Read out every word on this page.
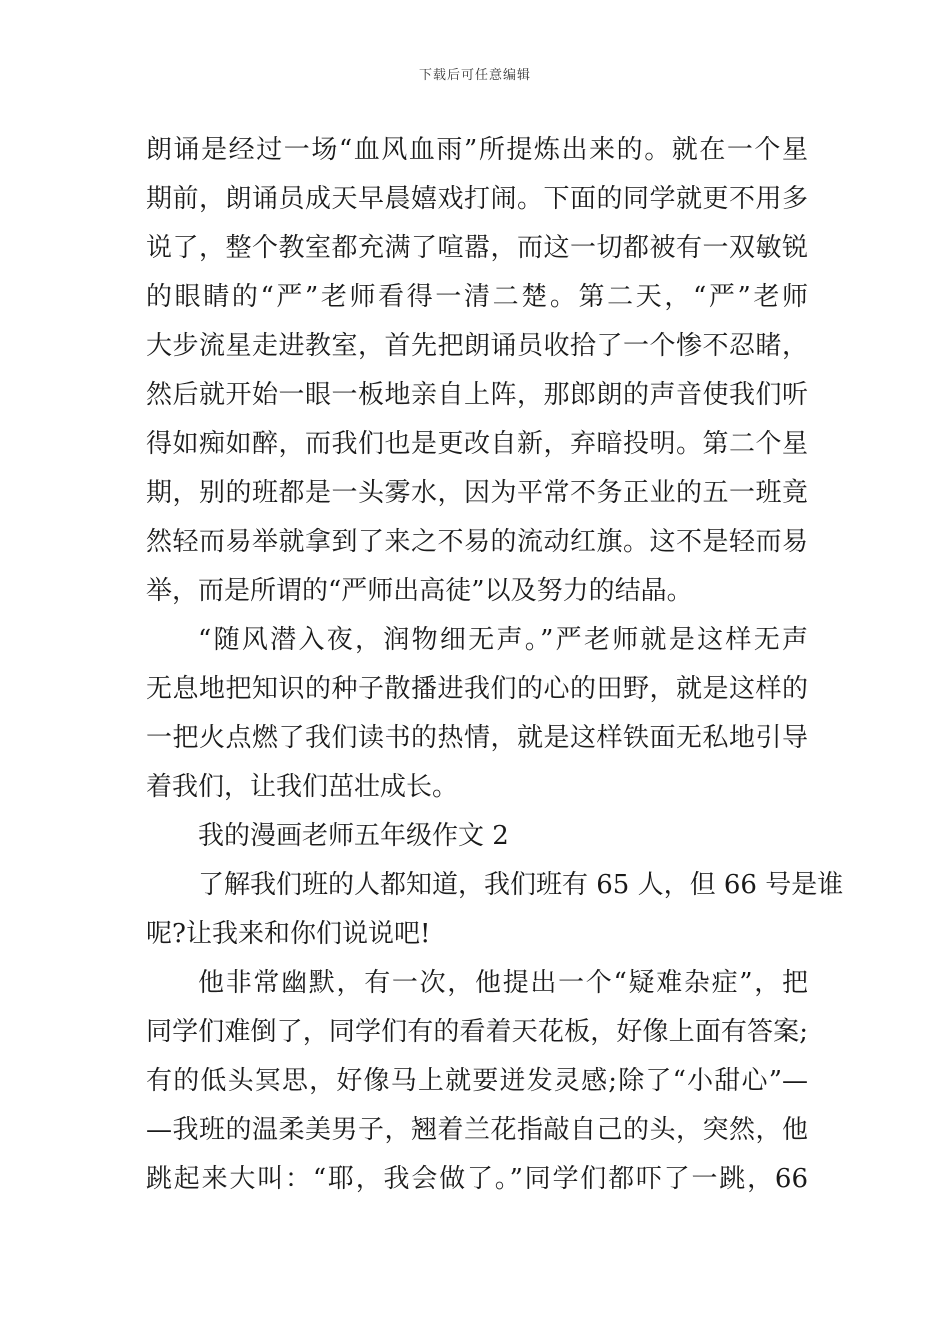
下载后可任意编辑
朗诵是经过一场“血风血雨”所提炼出来的。就在一个星
期前，朗诵员成天早晨嬉戏打闹。下面的同学就更不用多
说了，整个教室都充满了喧嚣，而这一切都被有一双敏锐
的眼睛的“严”老师看得一清二楚。第二天，“严”老师
大步流星走进教室，首先把朗诵员收拾了一个惨不忍睹，
然后就开始一眼一板地亲自上阵，那郎朗的声音使我们听
得如痴如醉，而我们也是更改自新，弃暗投明。第二个星
期，别的班都是一头雾水，因为平常不务正业的五一班竟
然轻而易举就拿到了来之不易的流动红旗。这不是轻而易
举，而是所谓的“严师出高徒”以及努力的结晶。
“随风潜入夜，润物细无声。”严老师就是这样无声
无息地把知识的种子散播进我们的心的田野，就是这样的
一把火点燃了我们读书的热情，就是这样铁面无私地引导
着我们，让我们茁壮成长。
我的漫画老师五年级作文 2
了解我们班的人都知道，我们班有 65 人，但 66 号是谁
呢?让我来和你们说说吧!
他非常幽默，有一次，他提出一个“疑难杂症”，把
同学们难倒了，同学们有的看着天花板，好像上面有答案;
有的低头冥思，好像马上就要迸发灵感;除了“小甜心”—
—我班的温柔美男子，翘着兰花指敲自己的头，突然，他
跳起来大叫：“耶，我会做了。”同学们都吓了一跳，66
